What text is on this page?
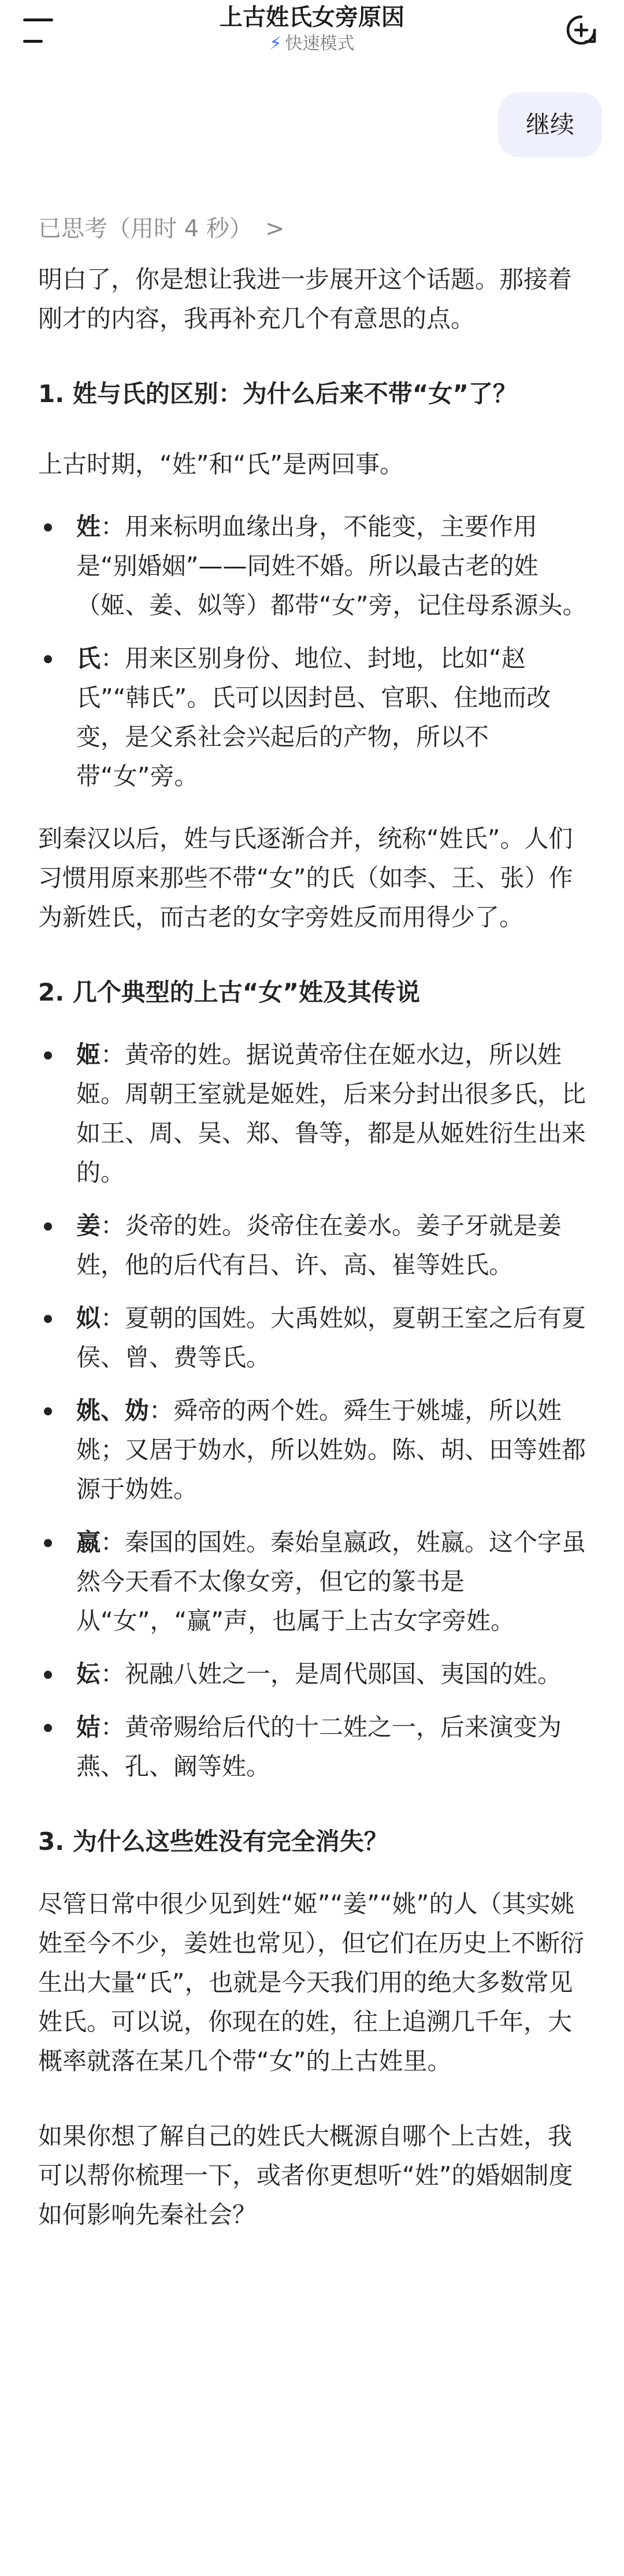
上古姓氏女旁原因
⚡ 快速模式
继续
已思考（用时 4 秒） >

明白了，你是想让我进一步展开这个话题。那接着刚才的内容，我再补充几个有意思的点。

1. 姓与氏的区别：为什么后来不带“女”了？

上古时期，“姓”和“氏”是两回事。

姓：用来标明血缘出身，不能变，主要作用是“别婚姻”——同姓不婚。所以最古老的姓（姬、姜、姒等）都带“女”旁，记住母系源头。
氏：用来区别身份、地位、封地，比如“赵氏”“韩氏”。氏可以因封邑、官职、住地而改变，是父系社会兴起后的产物，所以不带“女”旁。

到秦汉以后，姓与氏逐渐合并，统称“姓氏”。人们习惯用原来那些不带“女”的氏（如李、王、张）作为新姓氏，而古老的女字旁姓反而用得少了。

2. 几个典型的上古“女”姓及其传说

姬：黄帝的姓。据说黄帝住在姬水边，所以姓姬。周朝王室就是姬姓，后来分封出很多氏，比如王、周、吴、郑、鲁等，都是从姬姓衍生出来的。
姜：炎帝的姓。炎帝住在姜水。姜子牙就是姜姓，他的后代有吕、许、高、崔等姓氏。
姒：夏朝的国姓。大禹姓姒，夏朝王室之后有夏侯、曾、费等氏。
姚、妫：舜帝的两个姓。舜生于姚墟，所以姓姚；又居于妫水，所以姓妫。陈、胡、田等姓都源于妫姓。
嬴：秦国的国姓。秦始皇嬴政，姓嬴。这个字虽然今天看不太像女旁，但它的篆书是从“女”，“赢”声，也属于上古女字旁姓。
妘：祝融八姓之一，是周代郧国、夷国的姓。
姞：黄帝赐给后代的十二姓之一，后来演变为燕、孔、阚等姓。

3. 为什么这些姓没有完全消失？

尽管日常中很少见到姓“姬”“姜”“姚”的人（其实姚姓至今不少，姜姓也常见），但它们在历史上不断衍生出大量“氏”，也就是今天我们用的绝大多数常见姓氏。可以说，你现在的姓，往上追溯几千年，大概率就落在某几个带“女”的上古姓里。

如果你想了解自己的姓氏大概源自哪个上古姓，我可以帮你梳理一下，或者你更想听“姓”的婚姻制度如何影响先秦社会？
